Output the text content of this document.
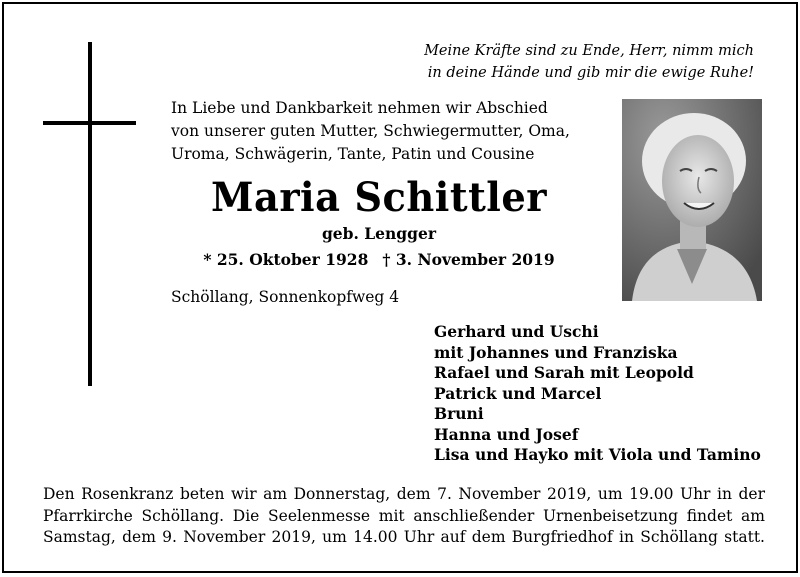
Meine Kräfte sind zu Ende, Herr, nimm mich
in deine Hände und gib mir die ewige Ruhe!
In Liebe und Dankbarkeit nehmen wir Abschied
von unserer guten Mutter, Schwiegermutter, Oma,
Uroma, Schwägerin, Tante, Patin und Cousine
Maria Schittler
geb. Lengger
* 25. Oktober 1928 † 3. November 2019
Schöllang, Sonnenkopfweg 4
Gerhard und Uschi
mit Johannes und Franziska
Rafael und Sarah mit Leopold
Patrick und Marcel
Bruni
Hanna und Josef
Lisa und Hayko mit Viola und Tamino
Den Rosenkranz beten wir am Donnerstag, dem 7. November 2019, um 19.00 Uhr in der
Pfarrkirche Schöllang. Die Seelenmesse mit anschließender Urnenbeisetzung findet am
Samstag, dem 9. November 2019, um 14.00 Uhr auf dem Burgfriedhof in Schöllang statt.
